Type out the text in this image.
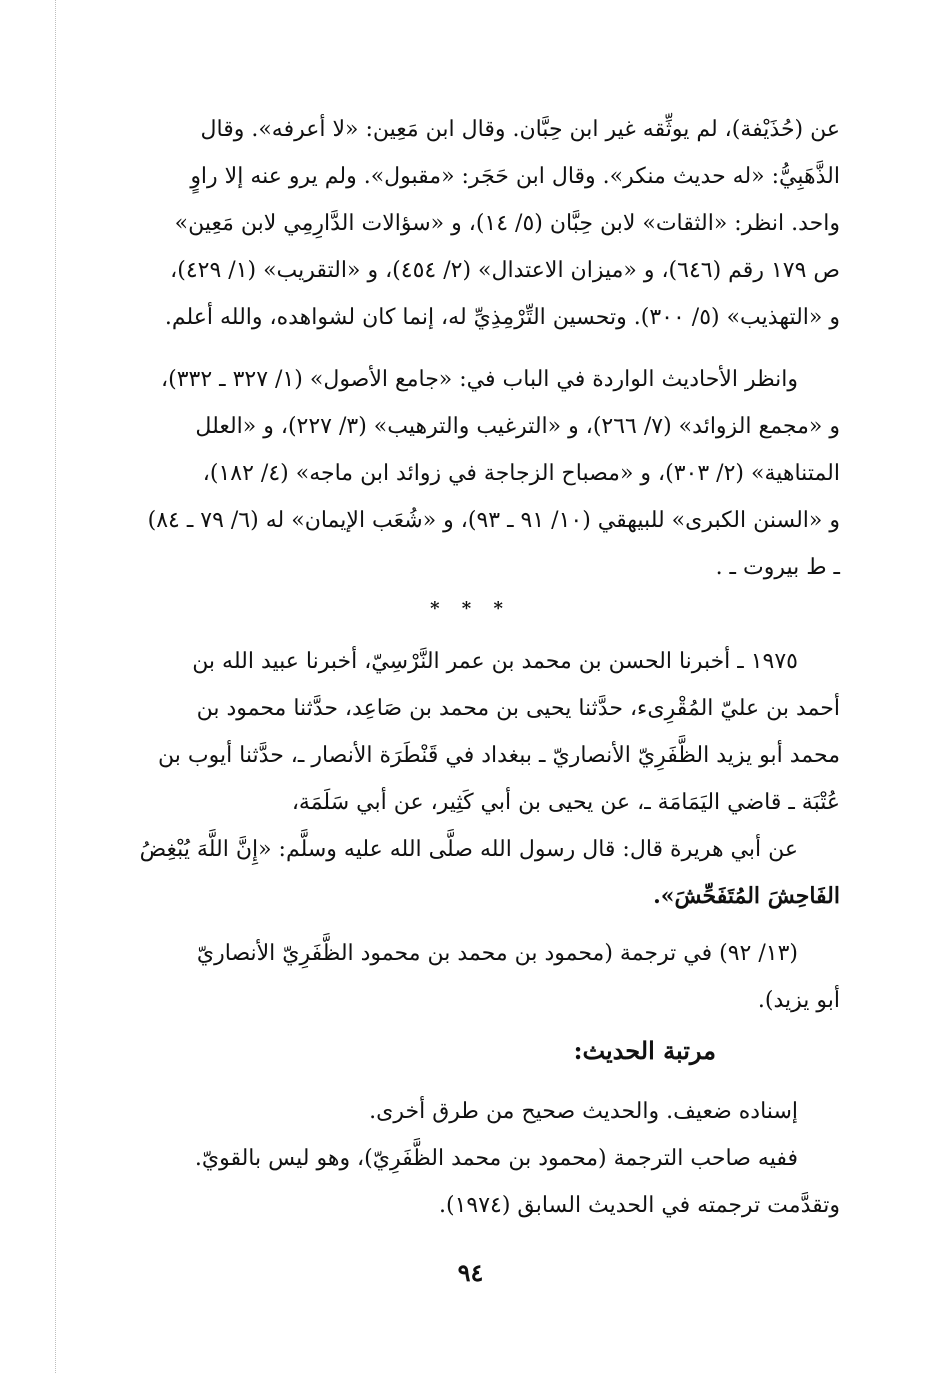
عن (حُذَيْفة)، لم يوثِّقه غير ابن حِبَّان. وقال ابن مَعِين: «لا أعرفه». وقال

الذَّهَبِيُّ: «له حديث منكر». وقال ابن حَجَر: «مقبول». ولم يرو عنه إلا راوٍ

واحد. انظر: «الثقات» لابن حِبَّان (٥/ ١٤)، و «سؤالات الدَّارِمِي لابن مَعِين»

ص ١٧٩ رقم (٦٤٦)، و «ميزان الاعتدال» (٢/ ٤٥٤)، و «التقريب» (١/ ٤٢٩)،

و «التهذيب» (٥/ ٣٠٠). وتحسين التِّرْمِذِيِّ له، إنما كان لشواهده، والله أعلم.

وانظر الأحاديث الواردة في الباب في: «جامع الأصول» (١/ ٣٢٧ ـ ٣٣٢)،

و «مجمع الزوائد» (٧/ ٢٦٦)، و «الترغيب والترهيب» (٣/ ٢٢٧)، و «العلل

المتناهية» (٢/ ٣٠٣)، و «مصباح الزجاجة في زوائد ابن ماجه» (٤/ ١٨٢)،

و «السنن الكبرى» للبيهقي (١٠/ ٩١ ـ ٩٣)، و «شُعَب الإيمان» له (٦/ ٧٩ ـ ٨٤)

ـ ط بيروت ـ .

* * *

١٩٧٥ ـ أخبرنا الحسن بن محمد بن عمر النَّرْسِيّ، أخبرنا عبيد الله بن

أحمد بن عليّ المُقْرِىء، حدَّثنا يحيى بن محمد بن صَاعِد، حدَّثنا محمود بن

محمد أبو يزيد الظَّفَرِيّ الأنصاريّ ـ ببغداد في قَنْطَرَة الأنصار ـ، حدَّثنا أيوب بن

عُتْبَة ـ قاضي اليَمَامَة ـ، عن يحيى بن أبي كَثِير، عن أبي سَلَمَة،

عن أبي هريرة قال: قال رسول الله صلَّى الله عليه وسلَّم: «إِنَّ اللَّهَ يُبْغِضُ

الفَاحِشَ المُتَفَحِّشَ».

(١٣/ ٩٢) في ترجمة (محمود بن محمد بن محمود الظَّفَرِيّ الأنصاريّ

أبو يزيد).

مرتبة الحديث:

إسناده ضعيف. والحديث صحيح من طرق أخرى.

ففيه صاحب الترجمة (محمود بن محمد الظَّفَرِيّ)، وهو ليس بالقويّ.

وتقدَّمت ترجمته في الحديث السابق (١٩٧٤).

٩٤
